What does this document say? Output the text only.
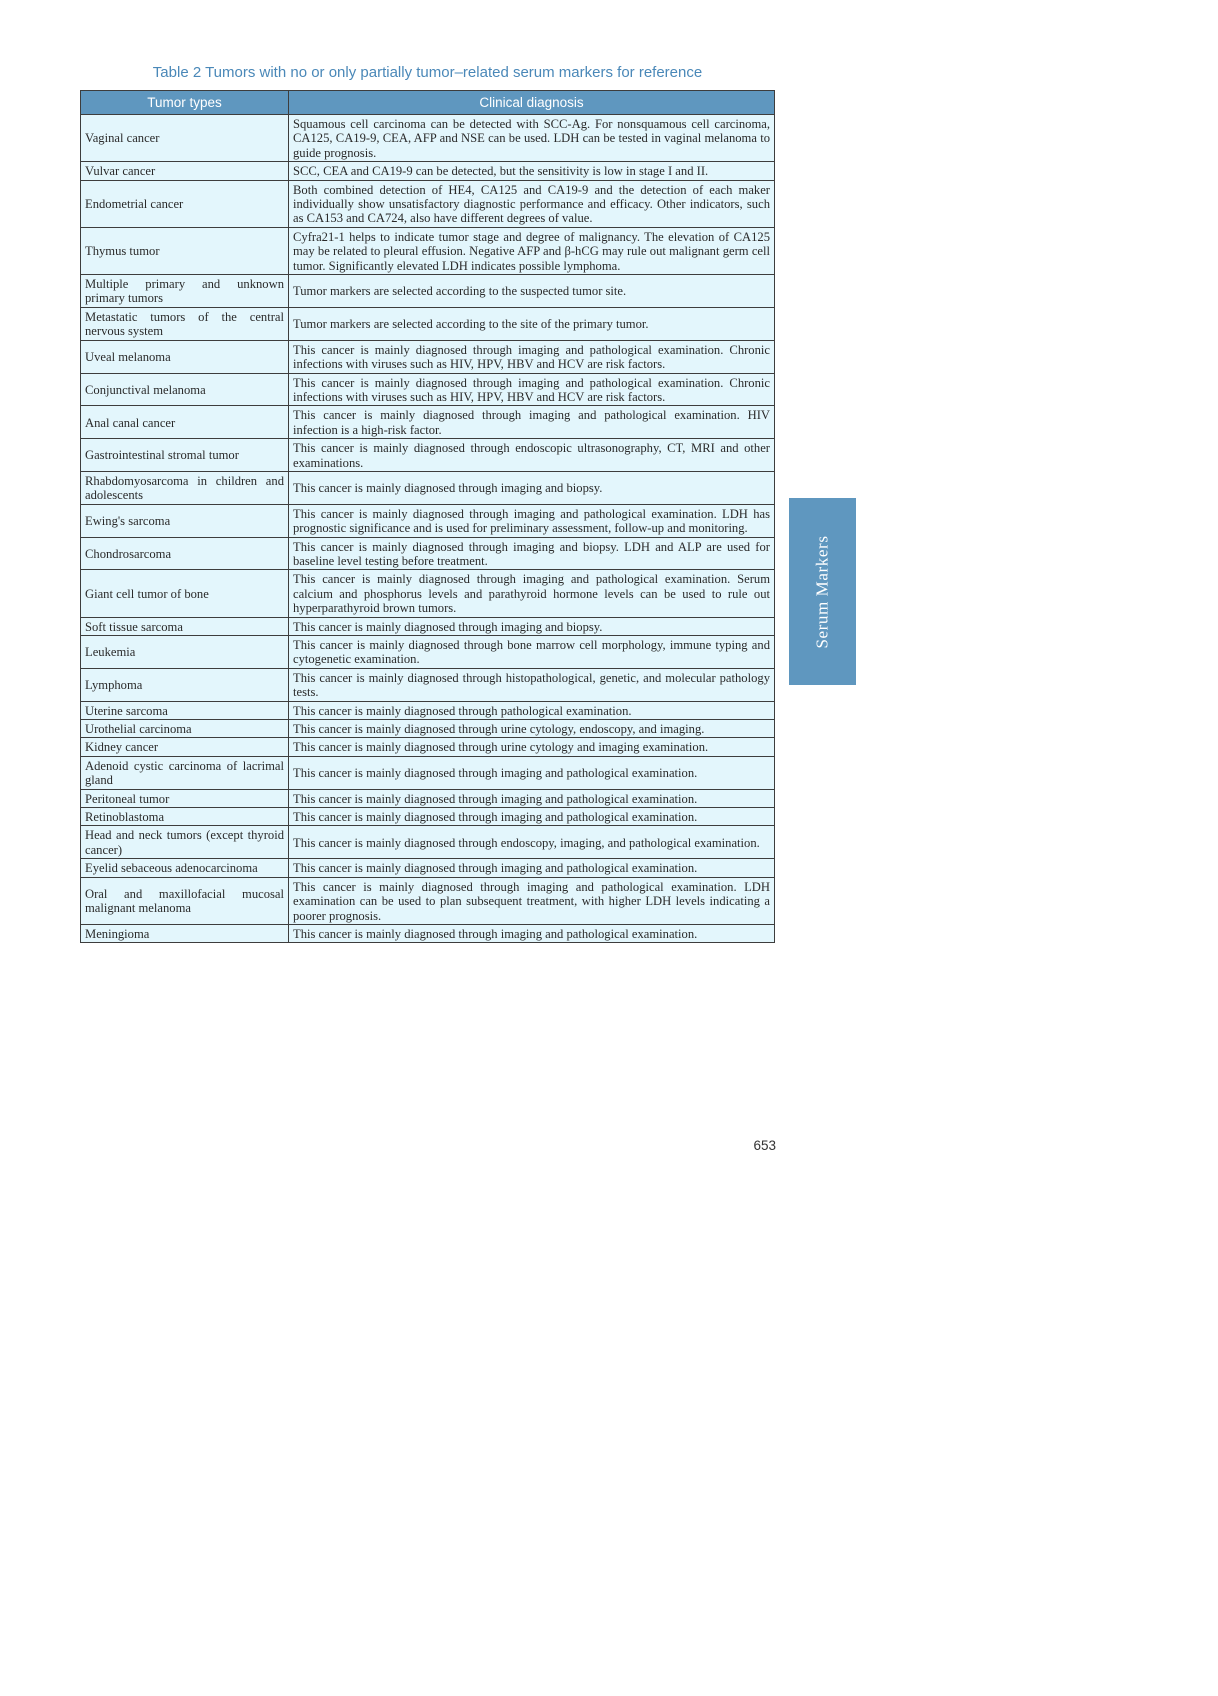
Table 2 Tumors with no or only partially tumor–related serum markers for reference
Tumor types	Clinical diagnosis
Vaginal cancer	Squamous cell carcinoma can be detected with SCC-Ag. For nonsquamous cell carcinoma, CA125, CA19-9, CEA, AFP and NSE can be used. LDH can be tested in vaginal melanoma to guide prognosis.
Vulvar cancer	SCC, CEA and CA19-9 can be detected, but the sensitivity is low in stage I and II.
Endometrial cancer	Both combined detection of HE4, CA125 and CA19-9 and the detection of each maker individually show unsatisfactory diagnostic performance and efficacy. Other indicators, such as CA153 and CA724, also have different degrees of value.
Thymus tumor	Cyfra21-1 helps to indicate tumor stage and degree of malignancy. The elevation of CA125 may be related to pleural effusion. Negative AFP and β-hCG may rule out malignant germ cell tumor. Significantly elevated LDH indicates possible lymphoma.
Multiple primary and unknown primary tumors	Tumor markers are selected according to the suspected tumor site.
Metastatic tumors of the central nervous system	Tumor markers are selected according to the site of the primary tumor.
Uveal melanoma	This cancer is mainly diagnosed through imaging and pathological examination. Chronic infections with viruses such as HIV, HPV, HBV and HCV are risk factors.
Conjunctival melanoma	This cancer is mainly diagnosed through imaging and pathological examination. Chronic infections with viruses such as HIV, HPV, HBV and HCV are risk factors.
Anal canal cancer	This cancer is mainly diagnosed through imaging and pathological examination. HIV infection is a high-risk factor.
Gastrointestinal stromal tumor	This cancer is mainly diagnosed through endoscopic ultrasonography, CT, MRI and other examinations.
Rhabdomyosarcoma in children and adolescents	This cancer is mainly diagnosed through imaging and biopsy.
Ewing's sarcoma	This cancer is mainly diagnosed through imaging and pathological examination. LDH has prognostic significance and is used for preliminary assessment, follow-up and monitoring.
Chondrosarcoma	This cancer is mainly diagnosed through imaging and biopsy. LDH and ALP are used for baseline level testing before treatment.
Giant cell tumor of bone	This cancer is mainly diagnosed through imaging and pathological examination. Serum calcium and phosphorus levels and parathyroid hormone levels can be used to rule out hyperparathyroid brown tumors.
Soft tissue sarcoma	This cancer is mainly diagnosed through imaging and biopsy.
Leukemia	This cancer is mainly diagnosed through bone marrow cell morphology, immune typing and cytogenetic examination.
Lymphoma	This cancer is mainly diagnosed through histopathological, genetic, and molecular pathology tests.
Uterine sarcoma	This cancer is mainly diagnosed through pathological examination.
Urothelial carcinoma	This cancer is mainly diagnosed through urine cytology, endoscopy, and imaging.
Kidney cancer	This cancer is mainly diagnosed through urine cytology and imaging examination.
Adenoid cystic carcinoma of lacrimal gland	This cancer is mainly diagnosed through imaging and pathological examination.
Peritoneal tumor	This cancer is mainly diagnosed through imaging and pathological examination.
Retinoblastoma	This cancer is mainly diagnosed through imaging and pathological examination.
Head and neck tumors (except thyroid cancer)	This cancer is mainly diagnosed through endoscopy, imaging, and pathological examination.
Eyelid sebaceous adenocarcinoma	This cancer is mainly diagnosed through imaging and pathological examination.
Oral and maxillofacial mucosal malignant melanoma	This cancer is mainly diagnosed through imaging and pathological examination. LDH examination can be used to plan subsequent treatment, with higher LDH levels indicating a poorer prognosis.
Meningioma	This cancer is mainly diagnosed through imaging and pathological examination.
Serum Markers
653
